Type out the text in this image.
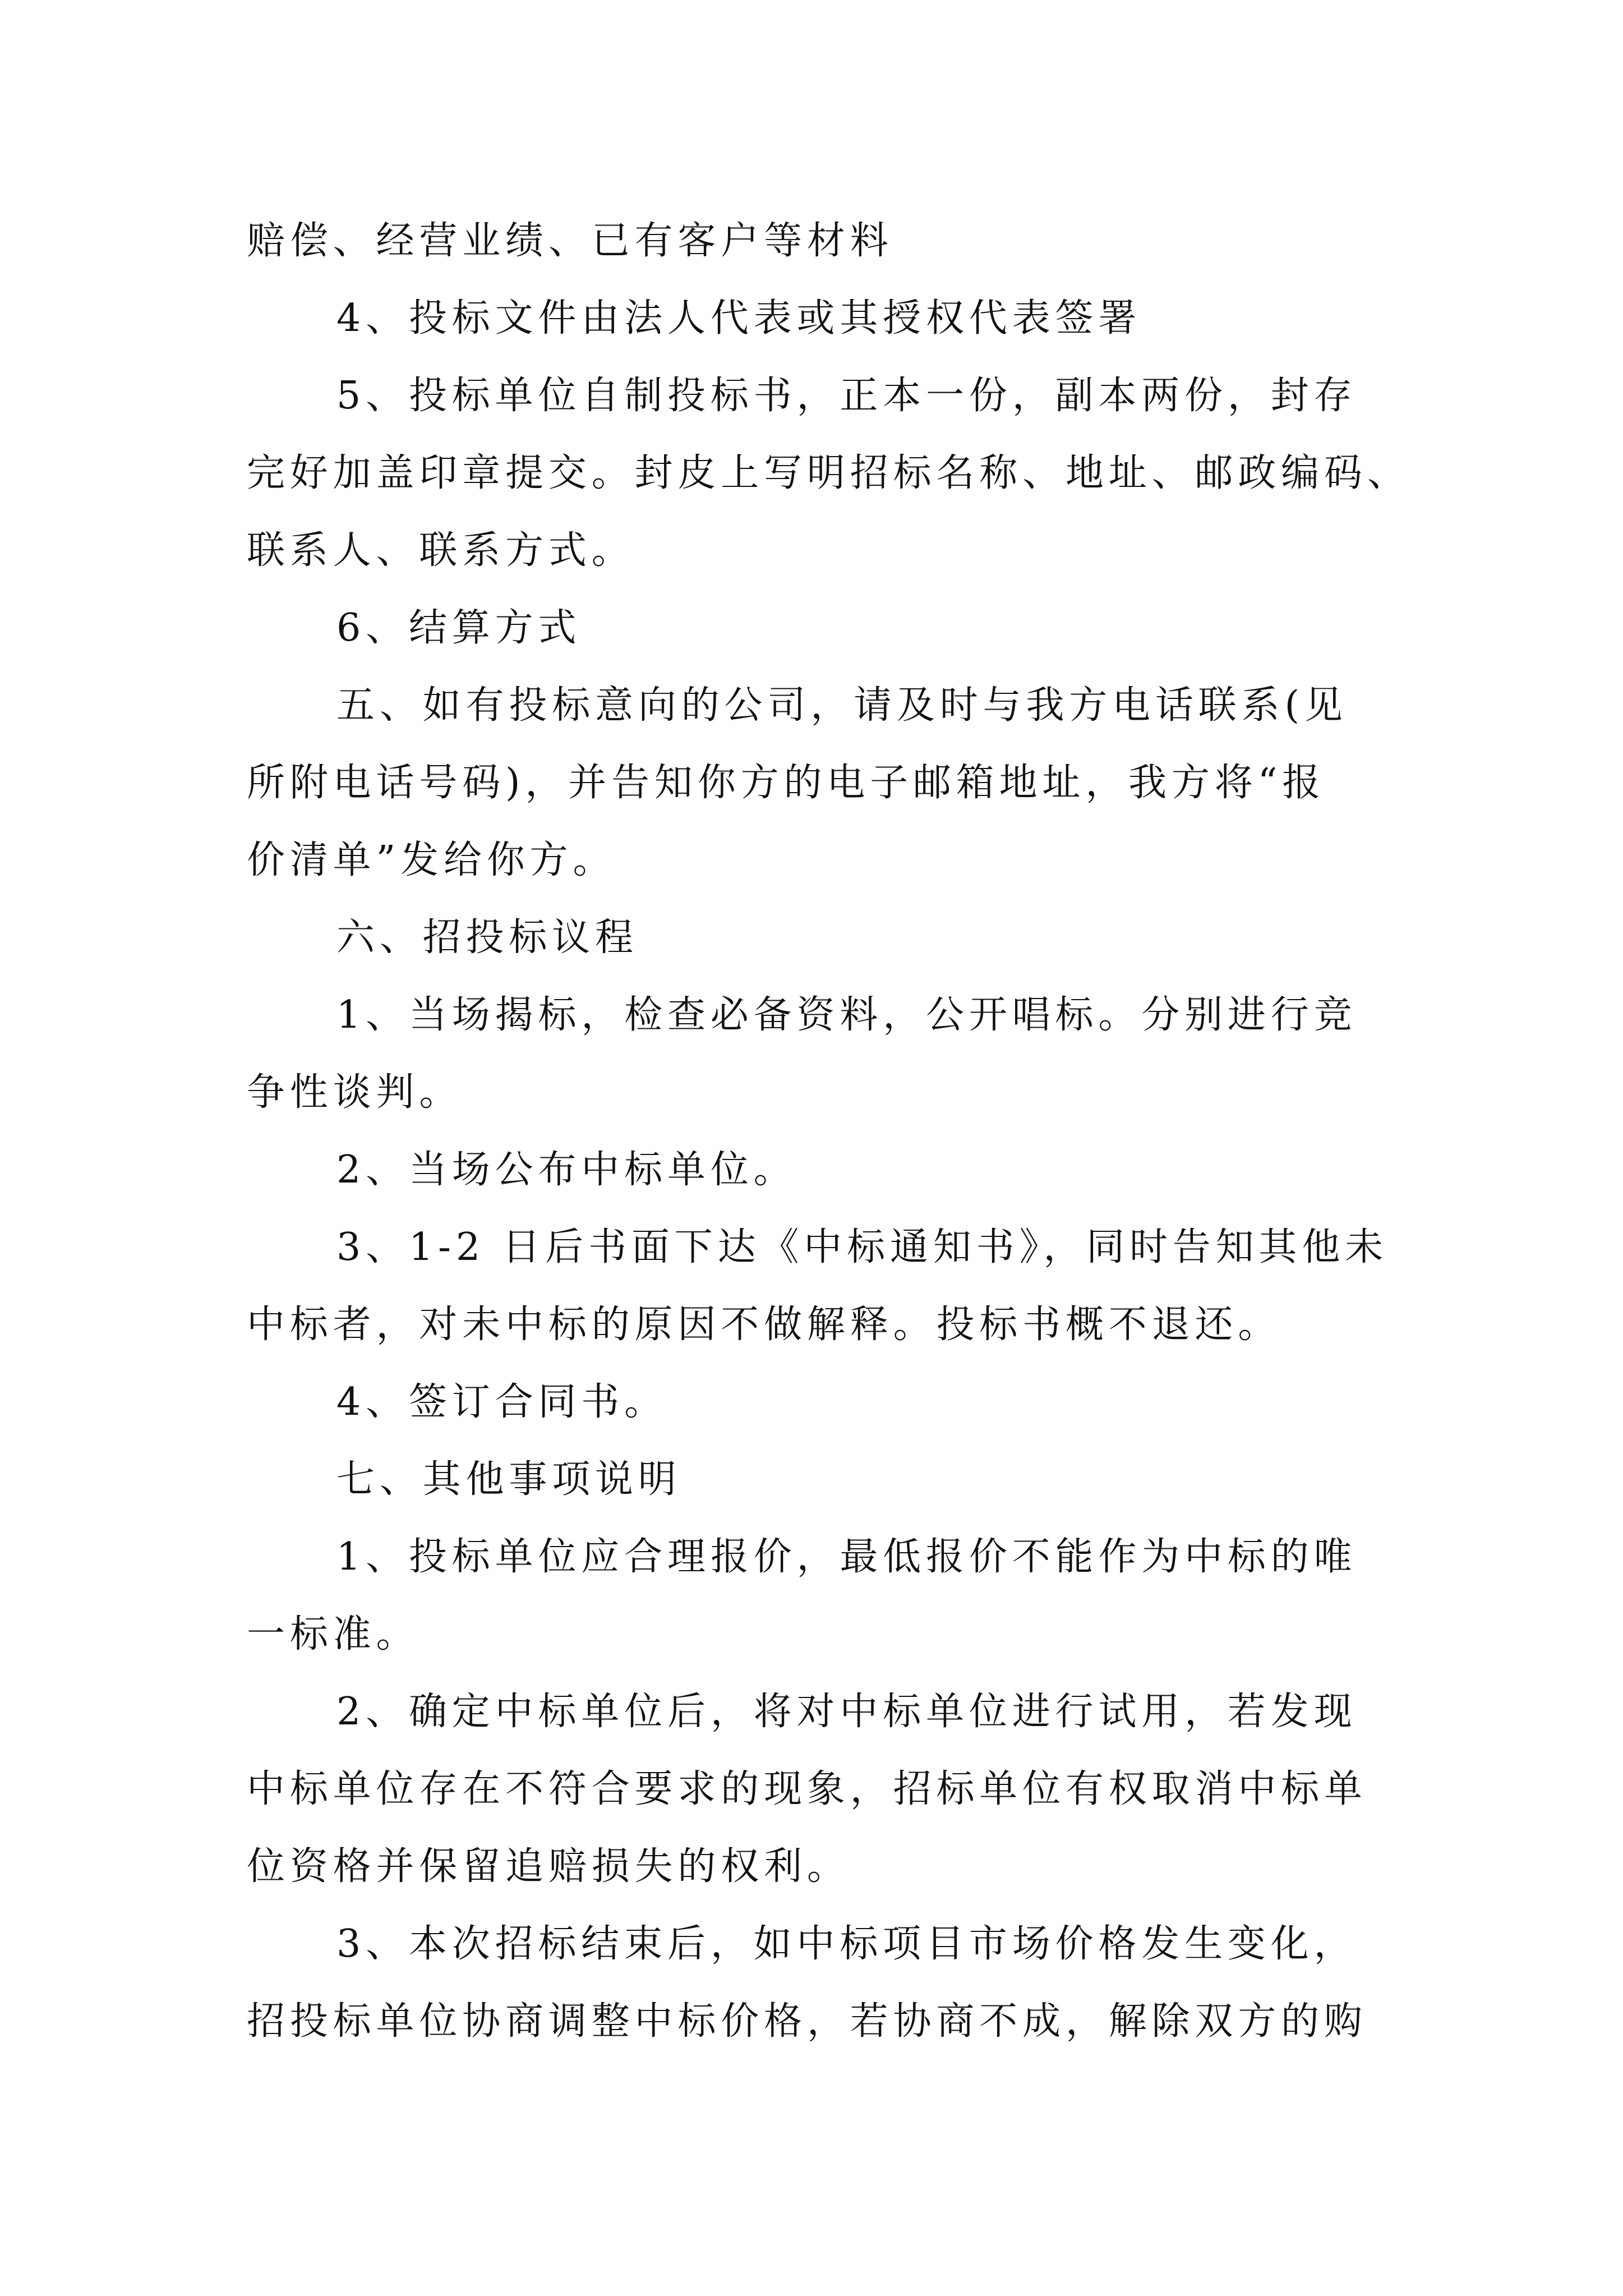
赔偿、经营业绩、已有客户等材料
4、投标文件由法人代表或其授权代表签署
5、投标单位自制投标书，正本一份，副本两份，封存
完好加盖印章提交。封皮上写明招标名称、地址、邮政编码、
联系人、联系方式。
6、结算方式
五、如有投标意向的公司，请及时与我方电话联系(见
所附电话号码)，并告知你方的电子邮箱地址，我方将“报
价清单”发给你方。
六、招投标议程
1、当场揭标，检查必备资料，公开唱标。分别进行竞
争性谈判。
2、当场公布中标单位。
3、1-2 日后书面下达《中标通知书》，同时告知其他未
中标者，对未中标的原因不做解释。投标书概不退还。
4、签订合同书。
七、其他事项说明
1、投标单位应合理报价，最低报价不能作为中标的唯
一标准。
2、确定中标单位后，将对中标单位进行试用，若发现
中标单位存在不符合要求的现象，招标单位有权取消中标单
位资格并保留追赔损失的权利。
3、本次招标结束后，如中标项目市场价格发生变化，
招投标单位协商调整中标价格，若协商不成，解除双方的购
